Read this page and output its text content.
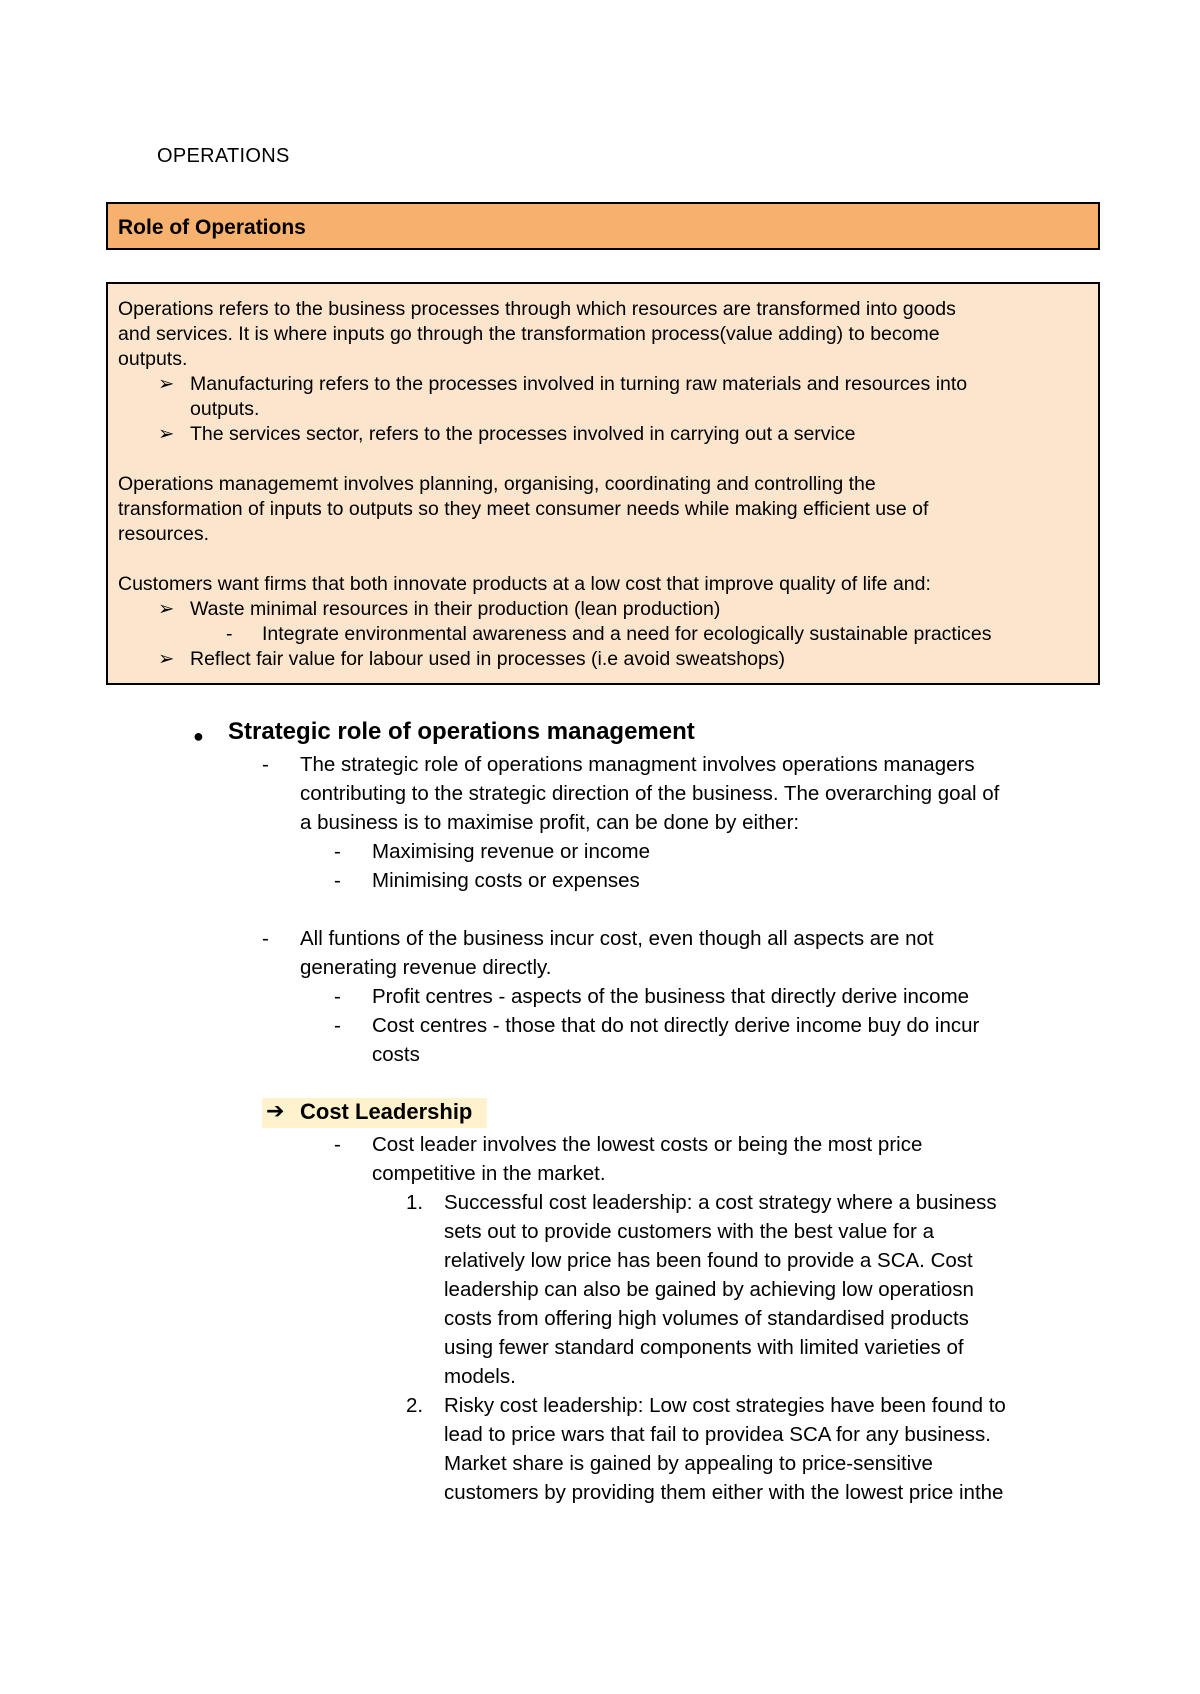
OPERATIONS
Role of Operations
Operations refers to the business processes through which resources are transformed into goods
and services. It is where inputs go through the transformation process(value adding) to become
outputs.
➢ Manufacturing refers to the processes involved in turning raw materials and resources into
outputs.
➢ The services sector, refers to the processes involved in carrying out a service
Operations managememt involves planning, organising, coordinating and controlling the
transformation of inputs to outputs so they meet consumer needs while making efficient use of
resources.
Customers want firms that both innovate products at a low cost that improve quality of life and:
➢ Waste minimal resources in their production (lean production)
- Integrate environmental awareness and a need for ecologically sustainable practices
➢ Reflect fair value for labour used in processes (i.e avoid sweatshops)
● Strategic role of operations management
- The strategic role of operations managment involves operations managers
contributing to the strategic direction of the business. The overarching goal of
a business is to maximise profit, can be done by either:
- Maximising revenue or income
- Minimising costs or expenses
- All funtions of the business incur cost, even though all aspects are not
generating revenue directly.
- Profit centres - aspects of the business that directly derive income
- Cost centres - those that do not directly derive income buy do incur
costs
➔ Cost Leadership
- Cost leader involves the lowest costs or being the most price
competitive in the market.
1. Successful cost leadership: a cost strategy where a business
sets out to provide customers with the best value for a
relatively low price has been found to provide a SCA. Cost
leadership can also be gained by achieving low operatiosn
costs from offering high volumes of standardised products
using fewer standard components with limited varieties of
models.
2. Risky cost leadership: Low cost strategies have been found to
lead to price wars that fail to providea SCA for any business.
Market share is gained by appealing to price-sensitive
customers by providing them either with the lowest price inthe
